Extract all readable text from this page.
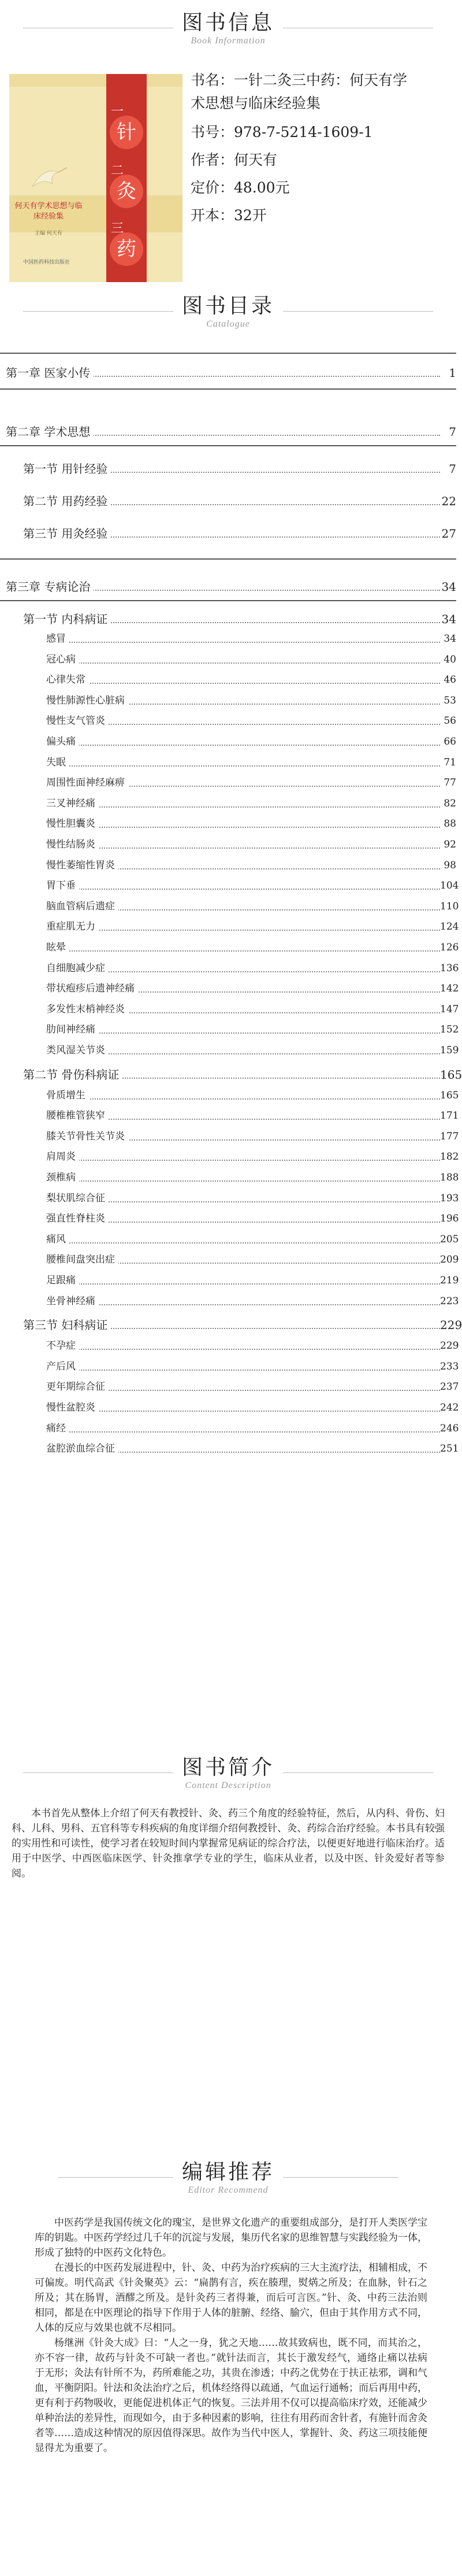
图书信息
Book Information
何天有学术思想与临床经验集
主编 何天有
中国医药科技出版社
一
针
二
灸
三
药
书名：一针二灸三中药：何天有学
术思想与临床经验集
书号：978-7-5214-1609-1
作者：何天有
定价：48.00元
开本：32开
图书目录
Catalogue
第一章 医家小传	1
第二章 学术思想	7
第一节 用针经验	7
第二节 用药经验	22
第三节 用灸经验	27
第三章 专病论治	34
第一节 内科病证	34
感冒	34
冠心病	40
心律失常	46
慢性肺源性心脏病	53
慢性支气管炎	56
偏头痛	66
失眠	71
周围性面神经麻痹	77
三叉神经痛	82
慢性胆囊炎	88
慢性结肠炎	92
慢性萎缩性胃炎	98
胃下垂	104
脑血管病后遗症	110
重症肌无力	124
眩晕	126
自细胞减少症	136
带状疱疹后遗神经痛	142
多发性末梢神经炎	147
肋间神经痛	152
类风湿关节炎	159
第二节 骨伤科病证	165
骨质增生	165
腰椎椎管狭窄	171
膝关节骨性关节炎	177
肩周炎	182
颈椎病	188
梨状肌综合征	193
强直性脊柱炎	196
痛风	205
腰椎间盘突出症	209
足跟痛	219
坐骨神经痛	223
第三节 妇科病证	229
不孕症	229
产后风	233
更年期综合征	237
慢性盆腔炎	242
痛经	246
盆腔淤血综合征	251
图书简介
Content Description

本书首先从整体上介绍了何天有教授针、灸、药三个角度的经验特征，然后，从内科、骨伤、妇科、儿科、男科、五官科等专科疾病的角度详细介绍何教授针、灸、药综合治疗经验。本书具有较强的实用性和可读性，使学习者在较短时间内掌握常见病证的综合疗法，以便更好地进行临床治疗。适用于中医学、中西医临床医学、针灸推拿学专业的学生，临床从业者，以及中医、针灸爱好者等参阅。

编辑推荐
Editor Recommend

中医药学是我国传统文化的瑰宝，是世界文化遗产的重要组成部分，是打开人类医学宝库的钥匙。中医药学经过几千年的沉淀与发展，集历代名家的思维智慧与实践经验为一体，形成了独特的中医药文化特色。

在漫长的中医药发展进程中，针、灸、中药为治疗疾病的三大主流疗法，相辅相成，不可偏废。明代高武《针灸聚英》云：“扁鹊有言，疾在腠理，熨焫之所及；在血脉，针石之所及；其在肠胃，酒醪之所及。是针灸药三者得兼，而后可言医。”针、灸、中药三法治则相同，都是在中医理论的指导下作用于人体的脏腑、经络、腧穴，但由于其作用方式不同，人体的反应与效果也就不尽相同。

杨继洲《针灸大成》曰：“人之一身，犹之天地……故其致病也，既不同，而其治之，亦不容一律，故药与针灸不可缺一者也。”就针法而言，其长于激发经气，通络止痛以祛病于无形；灸法有针所不为，药所难能之功，其贵在渗透；中药之优势在于扶正祛邪，调和气血，平衡阴阳。针法和灸法治疗之后，机体经络得以疏通，气血运行通畅；而后再用中药，更有利于药物吸收，更能促进机体正气的恢复。三法并用不仅可以提高临床疗效，还能减少单种治法的差异性，而现如今，由于多种因素的影响，往往有用药而舍针者，有施针而舍灸者等……造成这种情况的原因值得深思。故作为当代中医人，掌握针、灸、药这三项技能便显得尤为重要了。
